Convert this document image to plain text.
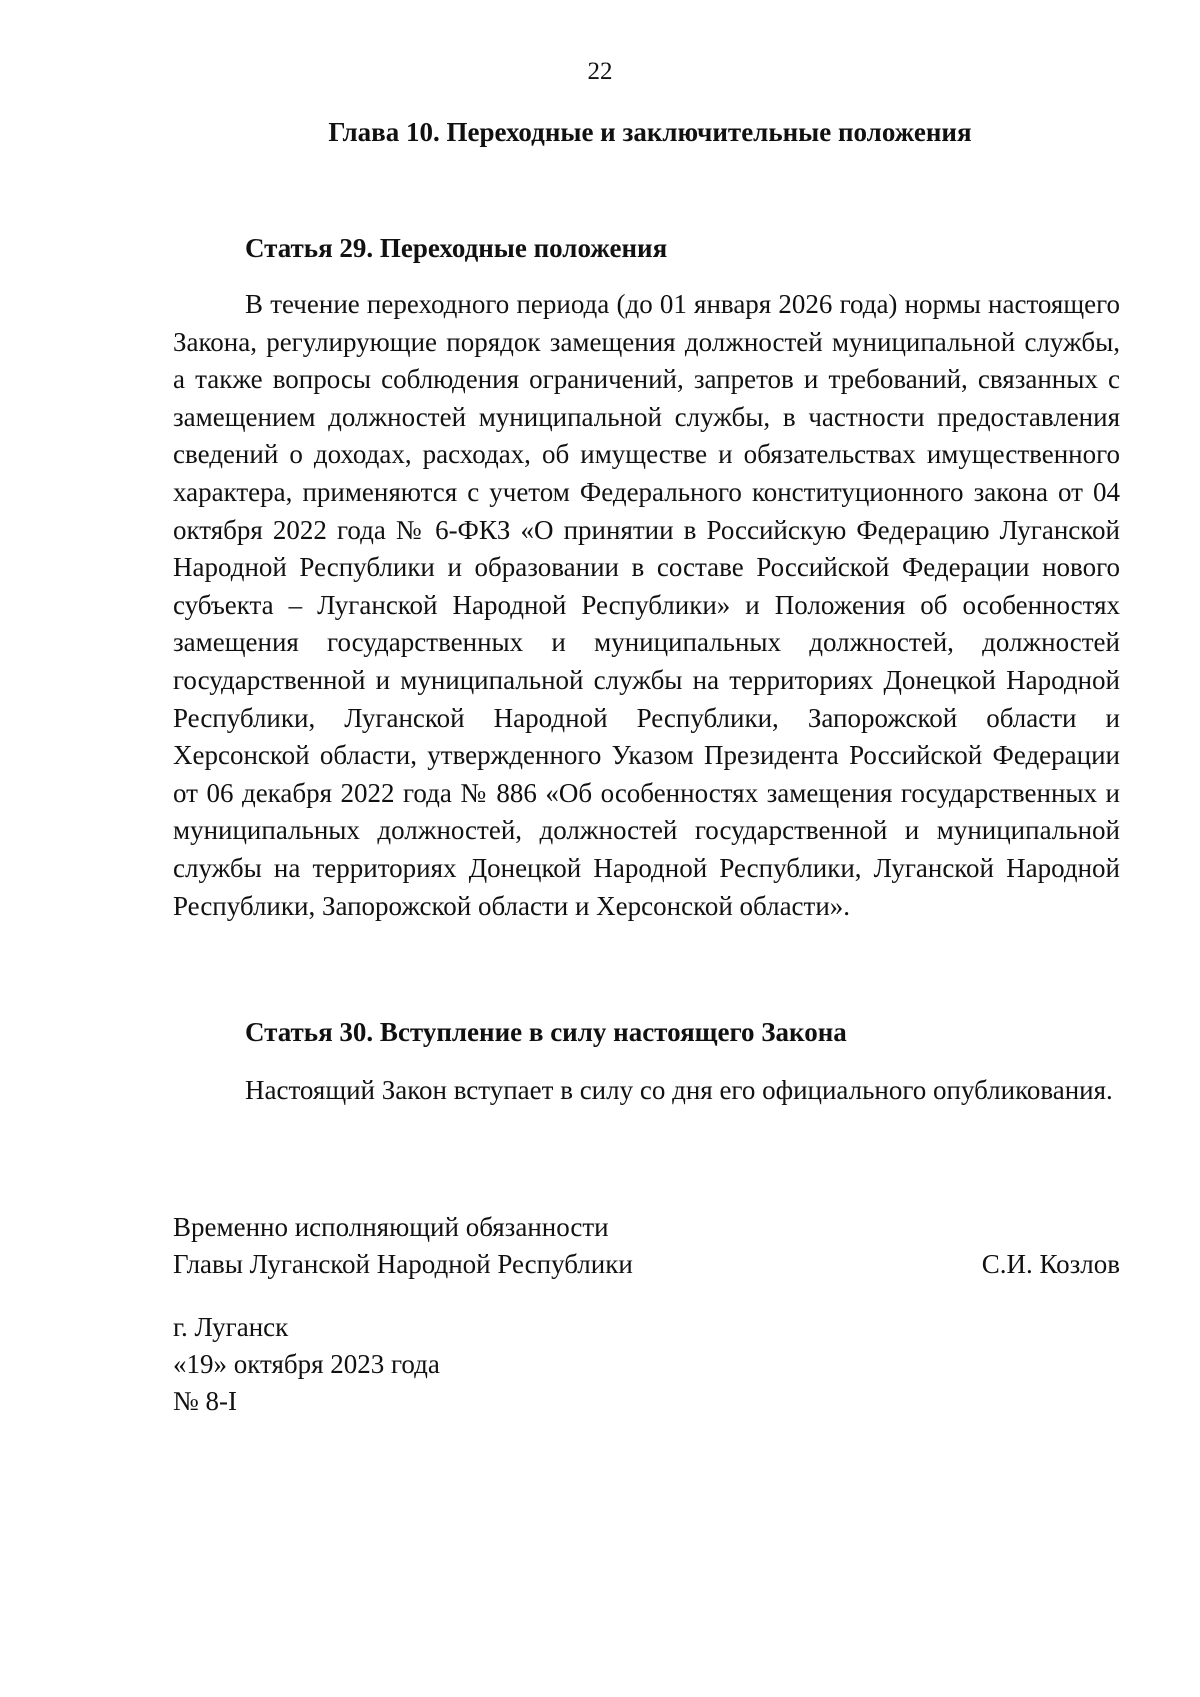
22
Глава 10. Переходные и заключительные положения
Статья 29. Переходные положения

В течение переходного периода (до 01 января 2026 года) нормы настоящего Закона, регулирующие порядок замещения должностей муниципальной службы, а также вопросы соблюдения ограничений, запретов и требований, связанных с замещением должностей муниципальной службы, в частности предоставления сведений о доходах, расходах, об имуществе и обязательствах имущественного характера, применяются с учетом Федерального конституционного закона от 04 октября 2022 года № 6-ФКЗ «О принятии в Российскую Федерацию Луганской Народной Республики и образовании в составе Российской Федерации нового субъекта – Луганской Народной Республики» и Положения об особенностях замещения государственных и муниципальных должностей, должностей государственной и муниципальной службы на территориях Донецкой Народной Республики, Луганской Народной Республики, Запорожской области и Херсонской области, утвержденного Указом Президента Российской Федерации от 06 декабря 2022 года № 886 «Об особенностях замещения государственных и муниципальных должностей, должностей государственной и муниципальной службы на территориях Донецкой Народной Республики, Луганской Народной Республики, Запорожской области и Херсонской области».

Статья 30. Вступление в силу настоящего Закона

Настоящий Закон вступает в силу со дня его официального опубликования.

Временно исполняющий обязанности
Главы Луганской Народной Республики	С.И. Козлов
г. Луганск
«19» октября 2023 года
№ 8-I
